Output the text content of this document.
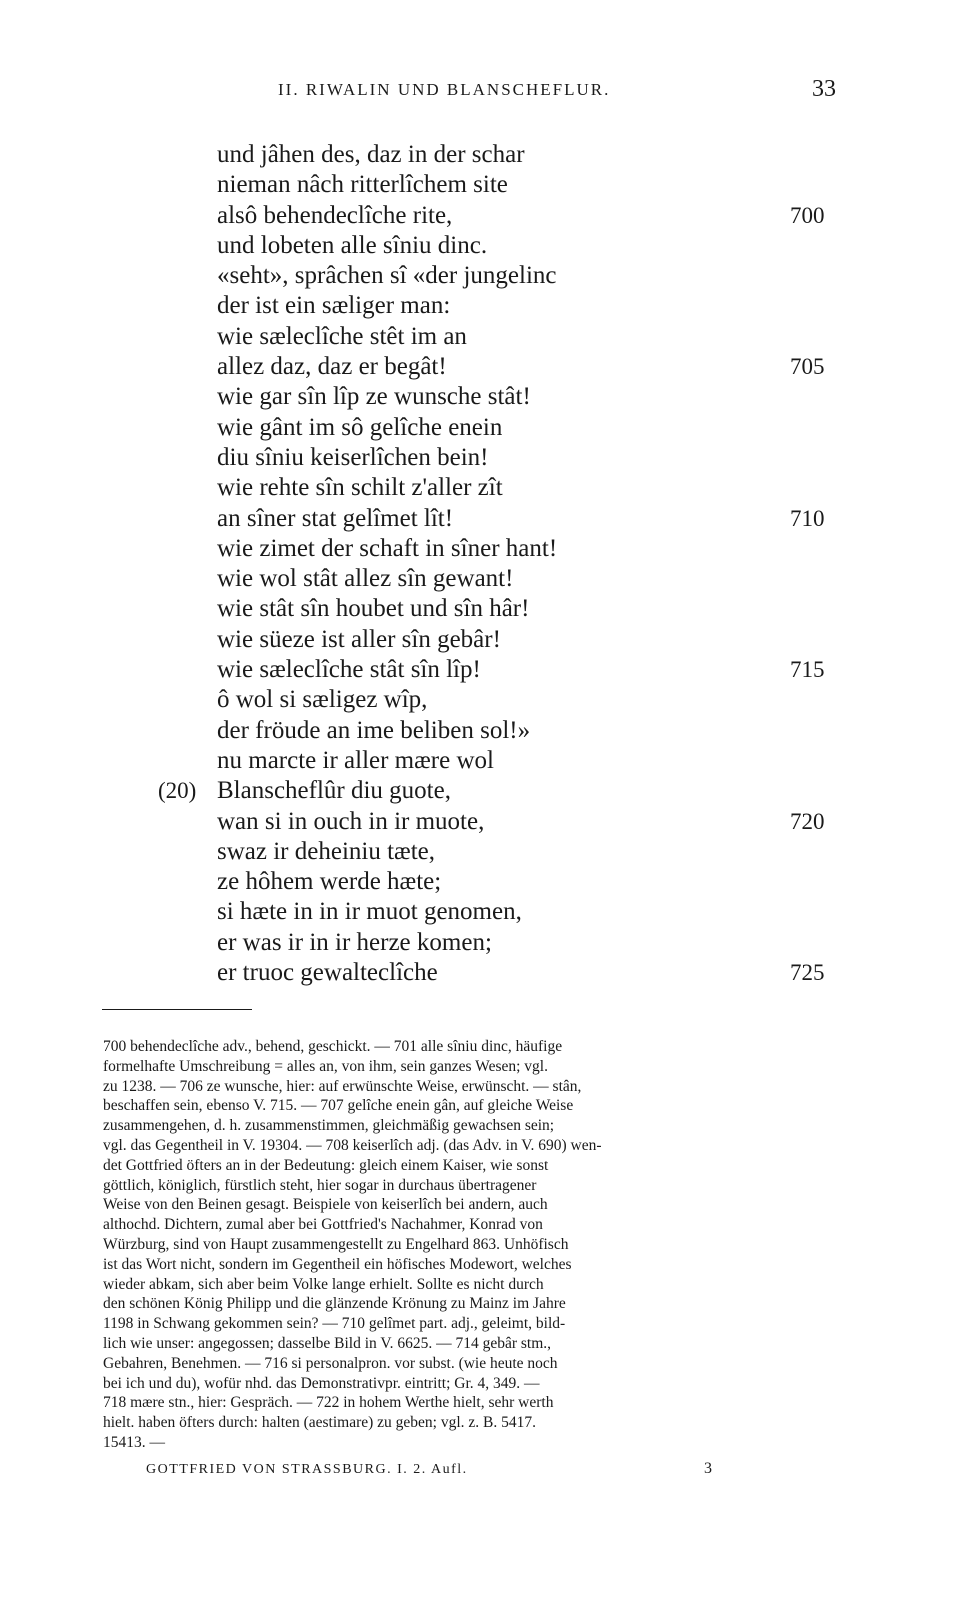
II. RIWALIN UND BLANSCHEFLUR.	33
und jâhen des, daz in der schar
nieman nâch ritterlîchem site
alsô behendeclîche rite,	700
und lobeten alle sîniu dinc.
«seht», sprâchen sî «der jungelinc
der ist ein sæliger man:
wie sæleclîche stêt im an
allez daz, daz er begât!	705
wie gar sîn lîp ze wunsche stât!
wie gânt im sô gelîche enein
diu sîniu keiserlîchen bein!
wie rehte sîn schilt z'aller zît
an sîner stat gelîmet lît!	710
wie zimet der schaft in sîner hant!
wie wol stât allez sîn gewant!
wie stât sîn houbet und sîn hâr!
wie süeze ist aller sîn gebâr!
wie sæleclîche stât sîn lîp!	715
ô wol si sæligez wîp,
der fröude an ime beliben sol!»
nu marcte ir aller mære wol
(20) Blanscheflûr diu guote,
wan si in ouch in ir muote,	720
swaz ir deheiniu tæte,
ze hôhem werde hæte;
si hæte in in ir muot genomen,
er was ir in ir herze komen;
er truoc gewalteclîche	725
700 behendeclîche adv., behend, geschickt. — 701 alle sîniu dinc, häufige
formelhafte Umschreibung = alles an, von ihm, sein ganzes Wesen; vgl.
zu 1238. — 706 ze wunsche, hier: auf erwünschte Weise, erwünscht. — stân,
beschaffen sein, ebenso V. 715. — 707 gelîche enein gân, auf gleiche Weise
zusammengehen, d. h. zusammenstimmen, gleichmäßig gewachsen sein;
vgl. das Gegentheil in V. 19304. — 708 keiserlîch adj. (das Adv. in V. 690) wen-
det Gottfried öfters an in der Bedeutung: gleich einem Kaiser, wie sonst
göttlich, königlich, fürstlich steht, hier sogar in durchaus übertragener
Weise von den Beinen gesagt. Beispiele von keiserlîch bei andern, auch
althochd. Dichtern, zumal aber bei Gottfried's Nachahmer, Konrad von
Würzburg, sind von Haupt zusammengestellt zu Engelhard 863. Unhöfisch
ist das Wort nicht, sondern im Gegentheil ein höfisches Modewort, welches
wieder abkam, sich aber beim Volke lange erhielt. Sollte es nicht durch
den schönen König Philipp und die glänzende Krönung zu Mainz im Jahre
1198 in Schwang gekommen sein? — 710 gelîmet part. adj., geleimt, bild-
lich wie unser: angegossen; dasselbe Bild in V. 6625. — 714 gebâr stm.,
Gebahren, Benehmen. — 716 si personalpron. vor subst. (wie heute noch
bei ich und du), wofür nhd. das Demonstrativpr. eintritt; Gr. 4, 349. —
718 mære stn., hier: Gespräch. — 722 in hohem Werthe hielt, sehr werth
hielt. haben öfters durch: halten (aestimare) zu geben; vgl. z. B. 5417.
15413. —
GOTTFRIED VON STRASSBURG. I. 2. Aufl.	3
